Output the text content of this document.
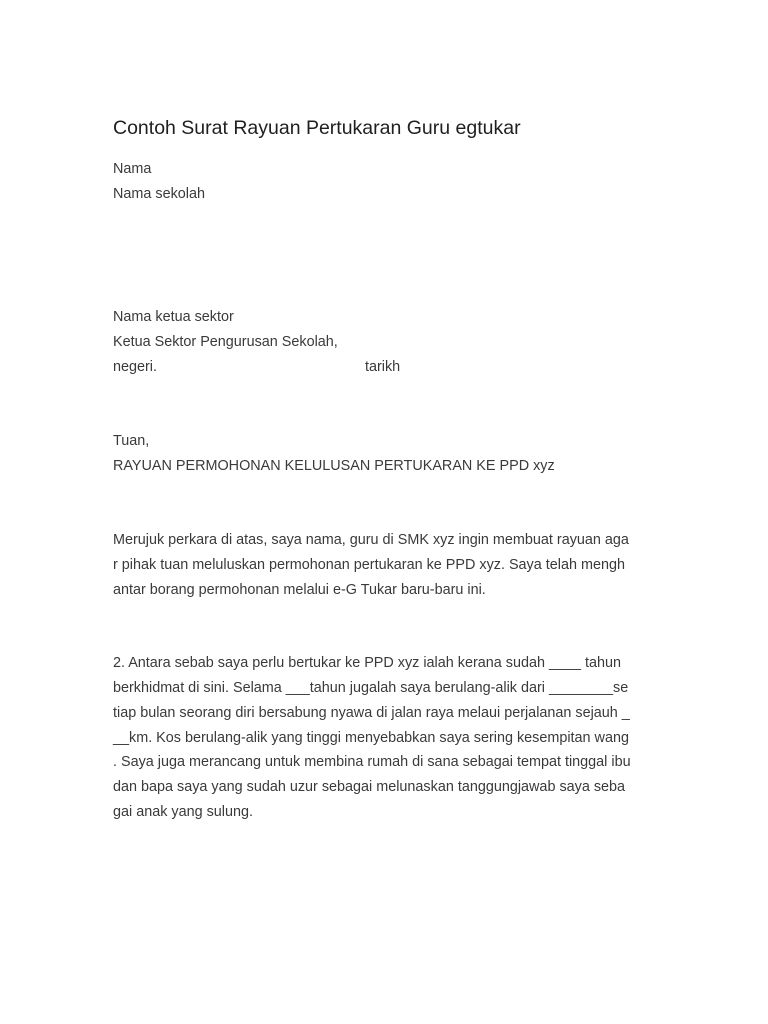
Contoh Surat Rayuan Pertukaran Guru egtukar
Nama
Nama sekolah
Nama ketua sektor
Ketua Sektor Pengurusan Sekolah,
negeri.	tarikh
Tuan,
RAYUAN PERMOHONAN KELULUSAN PERTUKARAN KE PPD xyz
Merujuk perkara di atas, saya nama, guru di SMK xyz ingin membuat rayuan aga
r pihak tuan meluluskan permohonan pertukaran ke PPD xyz. Saya telah mengh
antar borang permohonan melalui e-G Tukar baru-baru ini.
2. Antara sebab saya perlu bertukar ke PPD xyz ialah kerana sudah ____ tahun
berkhidmat di sini. Selama ___tahun jugalah saya berulang-alik dari ________se
tiap bulan seorang diri bersabung nyawa di jalan raya melaui perjalanan sejauh _
__km. Kos berulang-alik yang tinggi menyebabkan saya sering kesempitan wang
. Saya juga merancang untuk membina rumah di sana sebagai tempat tinggal ibu
dan bapa saya yang sudah uzur sebagai melunaskan tanggungjawab saya seba
gai anak yang sulung.
